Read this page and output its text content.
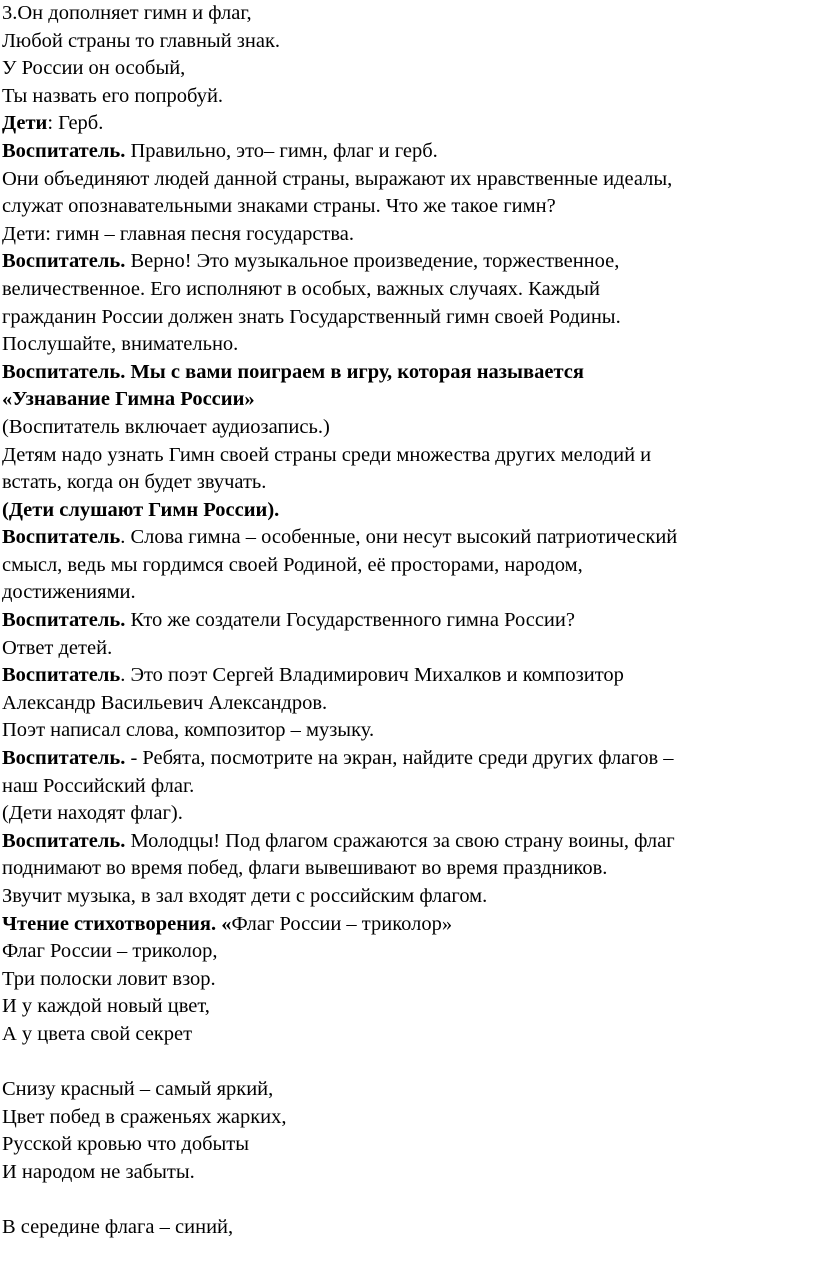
3.Он дополняет гимн и флаг,
Любой страны то главный знак.
У России он особый,
Ты назвать его попробуй.
Дети: Герб.
Воспитатель. Правильно, это– гимн, флаг и герб.
Они объединяют людей данной страны, выражают их нравственные идеалы,
служат опознавательными знаками страны. Что же такое гимн?
Дети: гимн – главная песня государства.
Воспитатель. Верно! Это музыкальное произведение, торжественное,
величественное. Его исполняют в особых, важных случаях. Каждый
гражданин России должен знать Государственный гимн своей Родины.
Послушайте, внимательно.
Воспитатель. Мы с вами поиграем в игру, которая называется
«Узнавание Гимна России»
(Воспитатель включает аудиозапись.)
Детям надо узнать Гимн своей страны среди множества других мелодий и
встать, когда он будет звучать.
(Дети слушают Гимн России).
Воспитатель. Слова гимна – особенные, они несут высокий патриотический
смысл, ведь мы гордимся своей Родиной, её просторами, народом,
достижениями.
Воспитатель. Кто же создатели Государственного гимна России?
Ответ детей.
Воспитатель. Это поэт Сергей Владимирович Михалков и композитор
Александр Васильевич Александров.
Поэт написал слова, композитор – музыку.
Воспитатель. - Ребята, посмотрите на экран, найдите среди других флагов –
наш Российский флаг.
(Дети находят флаг).
Воспитатель. Молодцы! Под флагом сражаются за свою страну воины, флаг
поднимают во время побед, флаги вывешивают во время праздников.
Звучит музыка, в зал входят дети с российским флагом.
Чтение стихотворения. «Флаг России – триколор»
Флаг России – триколор,
Три полоски ловит взор.
И у каждой новый цвет,
А у цвета свой секрет
Снизу красный – самый яркий,
Цвет побед в сраженьях жарких,
Русской кровью что добыты
И народом не забыты.
В середине флага – синий,
